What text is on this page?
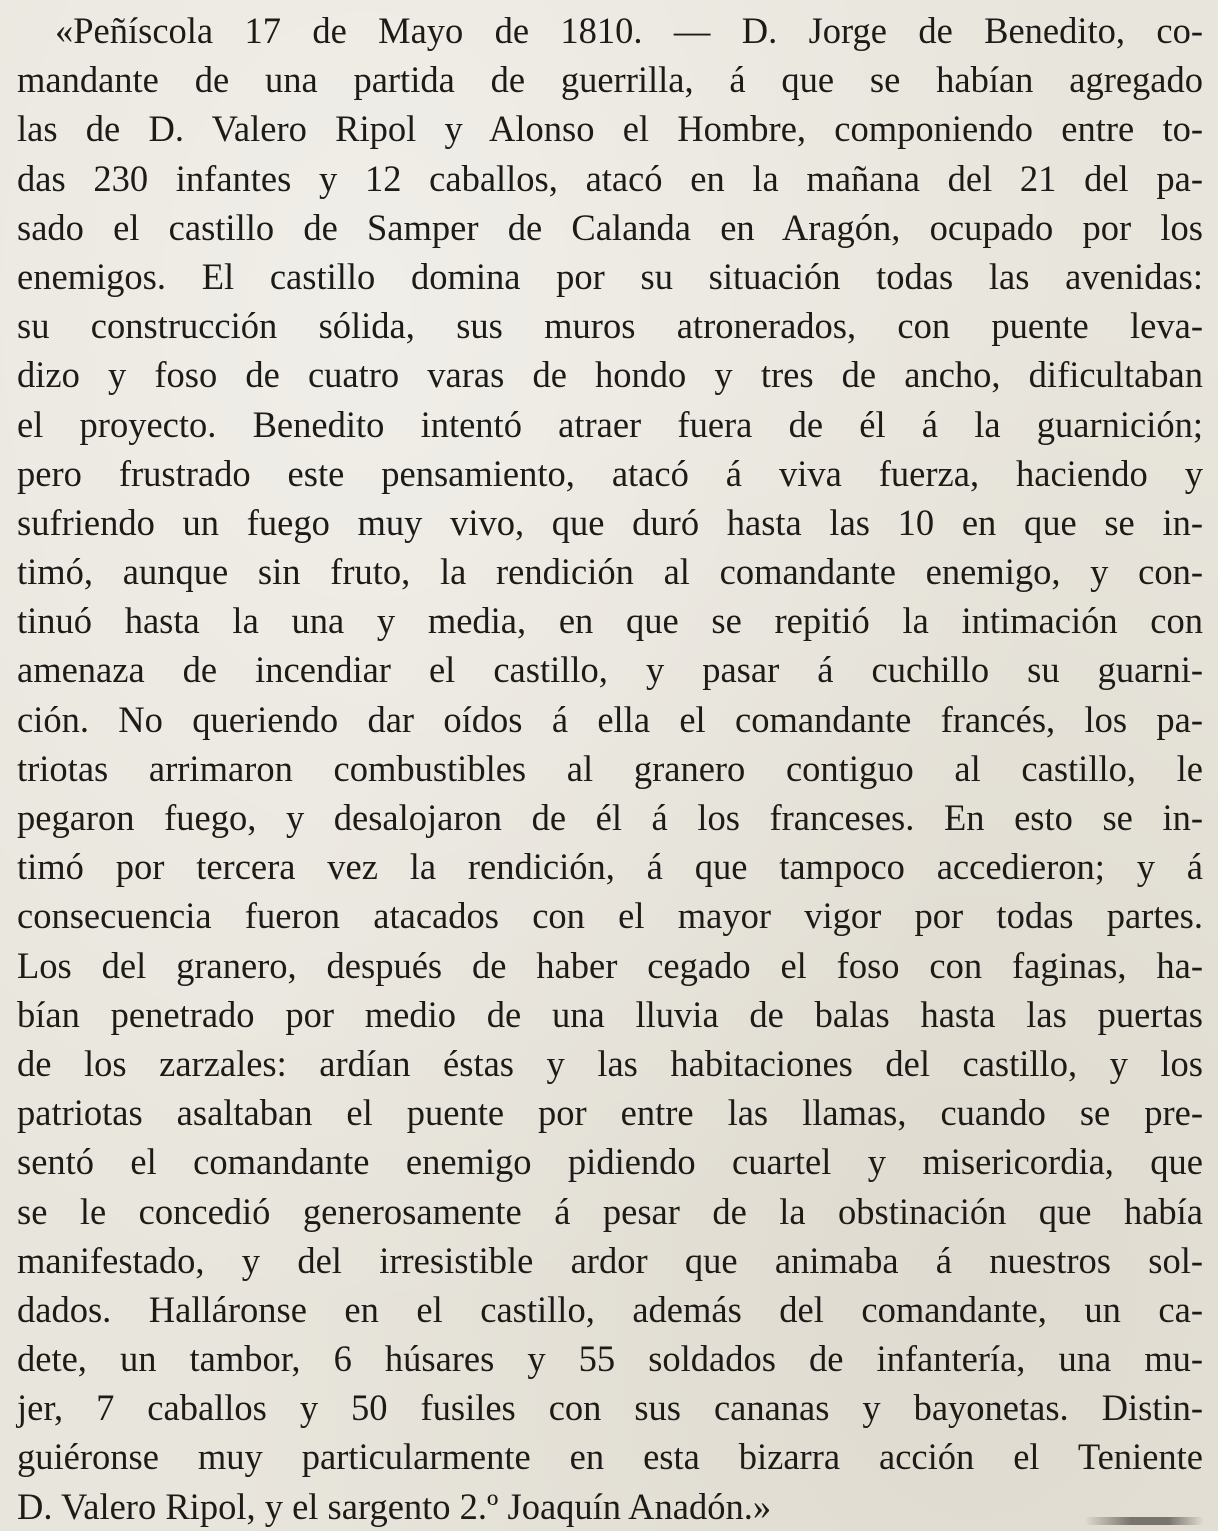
«Peñíscola 17 de Mayo de 1810. — D. Jorge de Benedito, co-
mandante de una partida de guerrilla, á que se habían agregado
las de D. Valero Ripol y Alonso el Hombre, componiendo entre to-
das 230 infantes y 12 caballos, atacó en la mañana del 21 del pa-
sado el castillo de Samper de Calanda en Aragón, ocupado por los
enemigos. El castillo domina por su situación todas las avenidas:
su construcción sólida, sus muros atronerados, con puente leva-
dizo y foso de cuatro varas de hondo y tres de ancho, dificultaban
el proyecto. Benedito intentó atraer fuera de él á la guarnición;
pero frustrado este pensamiento, atacó á viva fuerza, haciendo y
sufriendo un fuego muy vivo, que duró hasta las 10 en que se in-
timó, aunque sin fruto, la rendición al comandante enemigo, y con-
tinuó hasta la una y media, en que se repitió la intimación con
amenaza de incendiar el castillo, y pasar á cuchillo su guarni-
ción. No queriendo dar oídos á ella el comandante francés, los pa-
triotas arrimaron combustibles al granero contiguo al castillo, le
pegaron fuego, y desalojaron de él á los franceses. En esto se in-
timó por tercera vez la rendición, á que tampoco accedieron; y á
consecuencia fueron atacados con el mayor vigor por todas partes.
Los del granero, después de haber cegado el foso con faginas, ha-
bían penetrado por medio de una lluvia de balas hasta las puertas
de los zarzales: ardían éstas y las habitaciones del castillo, y los
patriotas asaltaban el puente por entre las llamas, cuando se pre-
sentó el comandante enemigo pidiendo cuartel y misericordia, que
se le concedió generosamente á pesar de la obstinación que había
manifestado, y del irresistible ardor que animaba á nuestros sol-
dados. Halláronse en el castillo, además del comandante, un ca-
dete, un tambor, 6 húsares y 55 soldados de infantería, una mu-
jer, 7 caballos y 50 fusiles con sus cananas y bayonetas. Distin-
guiéronse muy particularmente en esta bizarra acción el Teniente
D. Valero Ripol, y el sargento 2.º Joaquín Anadón.»
